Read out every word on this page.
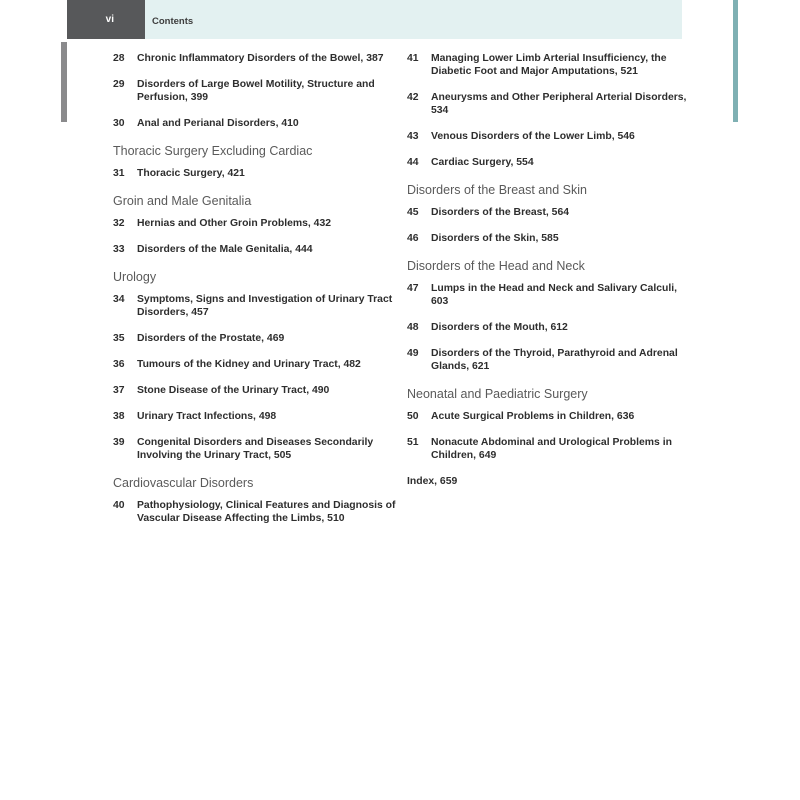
vi	Contents
28	Chronic Inflammatory Disorders of the Bowel, 387
29	Disorders of Large Bowel Motility, Structure and Perfusion, 399
30	Anal and Perianal Disorders, 410
Thoracic Surgery Excluding Cardiac
31	Thoracic Surgery, 421
Groin and Male Genitalia
32	Hernias and Other Groin Problems, 432
33	Disorders of the Male Genitalia, 444
Urology
34	Symptoms, Signs and Investigation of Urinary Tract Disorders, 457
35	Disorders of the Prostate, 469
36	Tumours of the Kidney and Urinary Tract, 482
37	Stone Disease of the Urinary Tract, 490
38	Urinary Tract Infections, 498
39	Congenital Disorders and Diseases Secondarily Involving the Urinary Tract, 505
Cardiovascular Disorders
40	Pathophysiology, Clinical Features and Diagnosis of Vascular Disease Affecting the Limbs, 510
41	Managing Lower Limb Arterial Insufficiency, the Diabetic Foot and Major Amputations, 521
42	Aneurysms and Other Peripheral Arterial Disorders, 534
43	Venous Disorders of the Lower Limb, 546
44	Cardiac Surgery, 554
Disorders of the Breast and Skin
45	Disorders of the Breast, 564
46	Disorders of the Skin, 585
Disorders of the Head and Neck
47	Lumps in the Head and Neck and Salivary Calculi, 603
48	Disorders of the Mouth, 612
49	Disorders of the Thyroid, Parathyroid and Adrenal Glands, 621
Neonatal and Paediatric Surgery
50	Acute Surgical Problems in Children, 636
51	Nonacute Abdominal and Urological Problems in Children, 649
Index, 659
